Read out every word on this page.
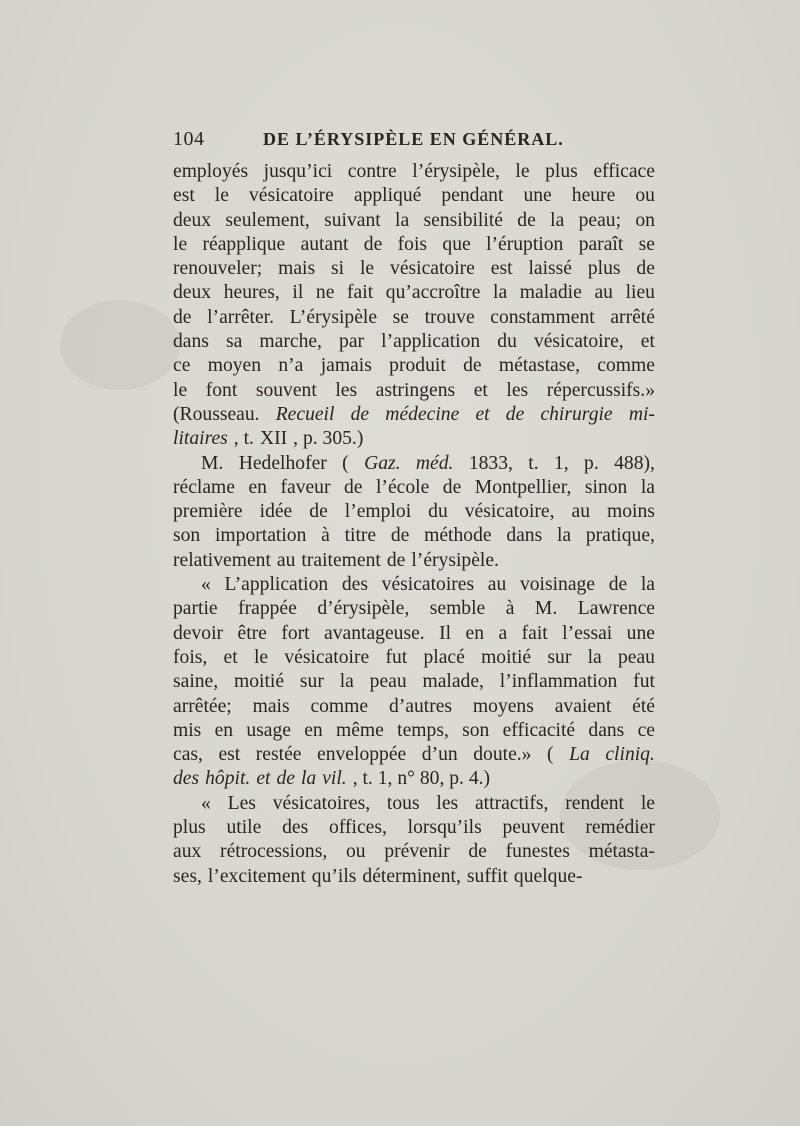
104	DE L’ÉRYSIPÈLE EN GÉNÉRAL.
employés jusqu’ici contre l’érysipèle, le plus efficace
est le vésicatoire appliqué pendant une heure ou
deux seulement, suivant la sensibilité de la peau; on
le réapplique autant de fois que l’éruption paraît se
renouveler; mais si le vésicatoire est laissé plus de
deux heures, il ne fait qu’accroître la maladie au lieu
de l’arrêter. L’érysipèle se trouve constamment arrêté
dans sa marche, par l’application du vésicatoire, et
ce moyen n’a jamais produit de métastase, comme
le font souvent les astringens et les répercussifs.»
(Rousseau. Recueil de médecine et de chirurgie mi-
litaires , t. XII , p. 305.)
M. Hedelhofer ( Gaz. méd. 1833, t. 1, p. 488),
réclame en faveur de l’école de Montpellier, sinon la
première idée de l’emploi du vésicatoire, au moins
son importation à titre de méthode dans la pratique,
relativement au traitement de l’érysipèle.
« L’application des vésicatoires au voisinage de la
partie frappée d’érysipèle, semble à M. Lawrence
devoir être fort avantageuse. Il en a fait l’essai une
fois, et le vésicatoire fut placé moitié sur la peau
saine, moitié sur la peau malade, l’inflammation fut
arrêtée; mais comme d’autres moyens avaient été
mis en usage en même temps, son efficacité dans ce
cas, est restée enveloppée d’un doute.» ( La cliniq.
des hôpit. et de la vil. , t. 1, n° 80, p. 4.)
« Les vésicatoires, tous les attractifs, rendent le
plus utile des offices, lorsqu’ils peuvent remédier
aux rétrocessions, ou prévenir de funestes métasta-
ses, l’excitement qu’ils déterminent, suffit quelque-
